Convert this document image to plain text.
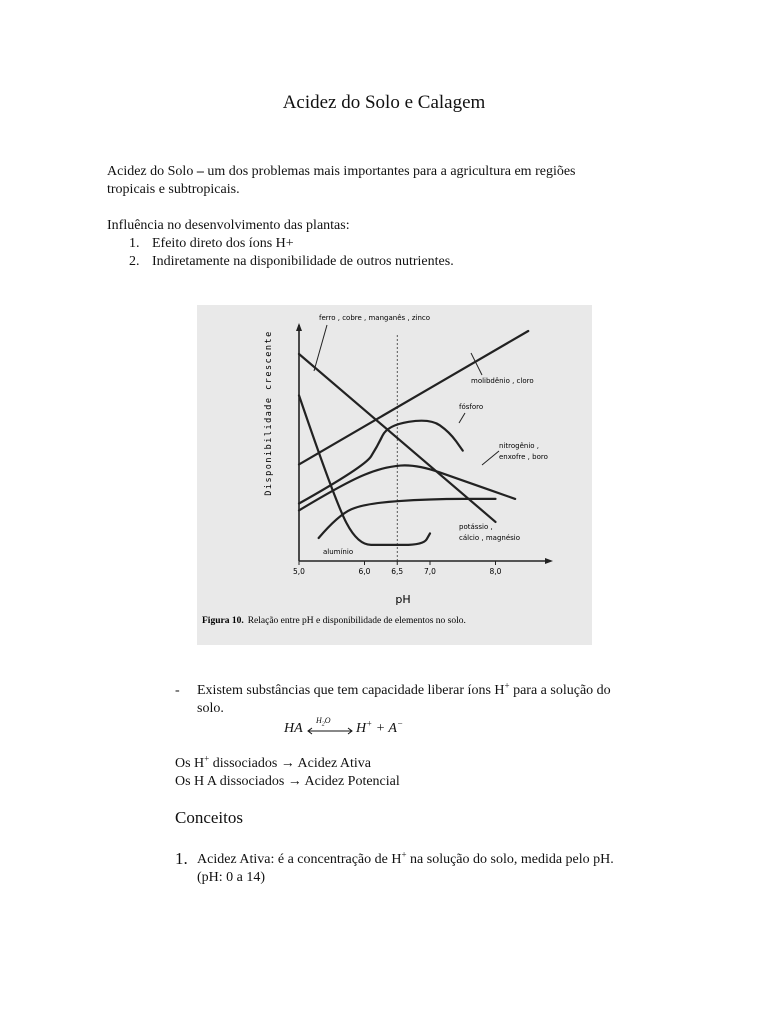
Acidez do Solo e Calagem
Acidez do Solo – um dos problemas mais importantes para a agricultura em regiões
tropicais e subtropicais.
Influência no desenvolvimento das plantas:
1. Efeito direto dos íons H+
2. Indiretamente na disponibilidade de outros nutrientes.
5,0	6,0	6,5	7,0	8,0
ferro , cobre , manganês , zinco
molibdênio , cloro
fósforo
nitrogênio ,
enxofre , boro
potássio ,
cálcio , magnésio
alumínio
Disponibilidade crescente
pH
Figura 10. Relação entre pH e disponibilidade de elementos no solo.
- Existem substâncias que tem capacidade liberar íons H+ para a solução do
solo.
HA
$H_2O$
H+ + A−
Os H+ dissociados → Acidez Ativa
Os H A dissociados → Acidez Potencial
Conceitos
1. Acidez Ativa: é a concentração de H+ na solução do solo, medida pelo pH.
(pH: 0 a 14)
